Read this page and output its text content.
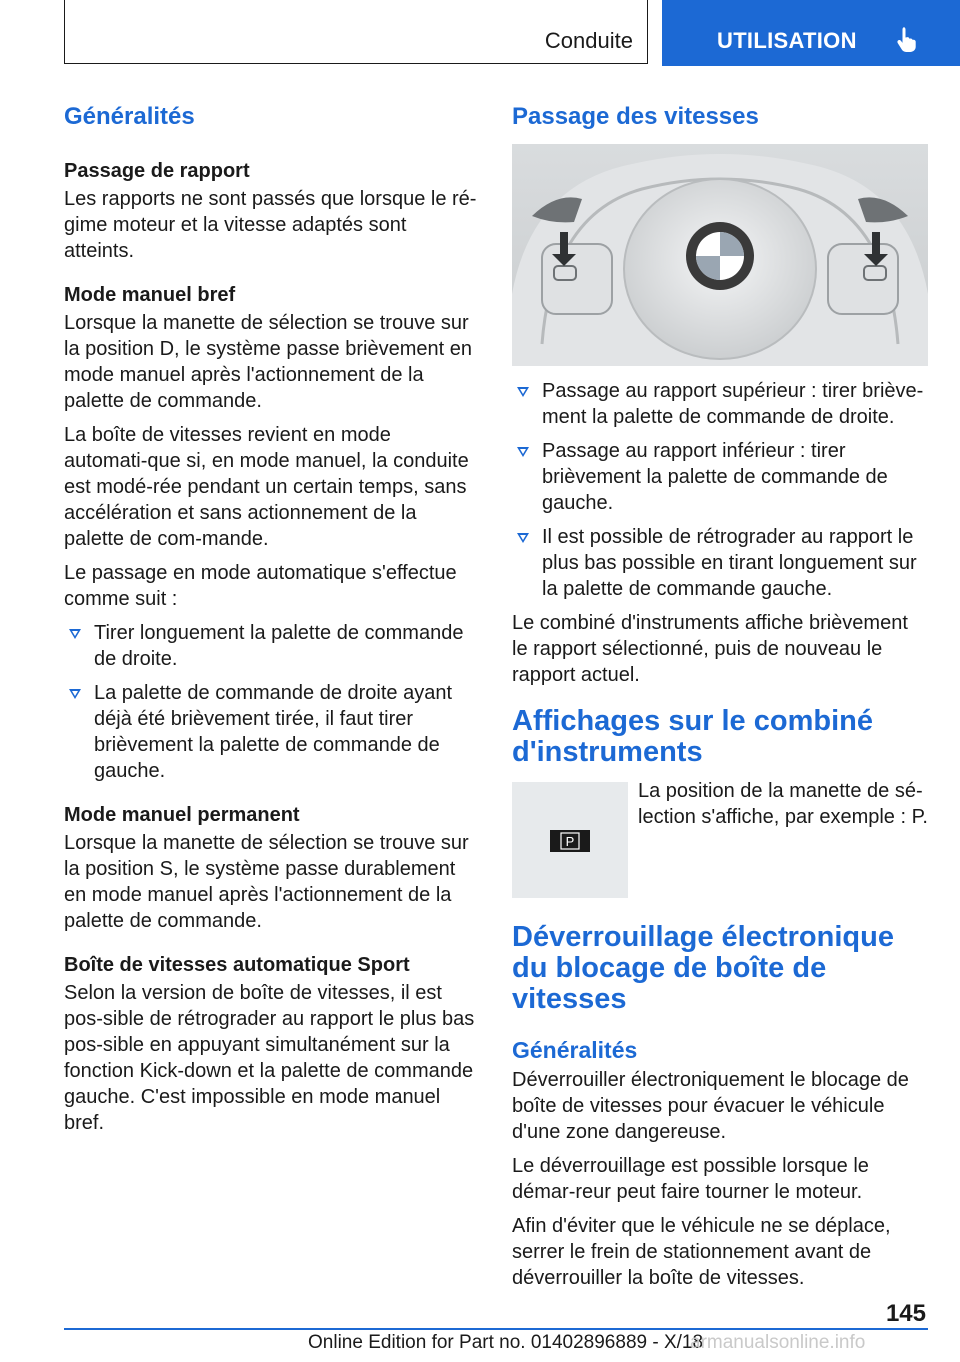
Conduite	UTILISATION
Généralités
Passage de rapport

Les rapports ne sont passés que lorsque le ré-gime moteur et la vitesse adaptés sont atteints.

Mode manuel bref

Lorsque la manette de sélection se trouve sur la position D, le système passe brièvement en mode manuel après l'actionnement de la palette de commande.

La boîte de vitesses revient en mode automati-que si, en mode manuel, la conduite est modé-rée pendant un certain temps, sans accélération et sans actionnement de la palette de com-mande.

Le passage en mode automatique s'effectue comme suit :

Tirer longuement la palette de commande de droite.
La palette de commande de droite ayant déjà été brièvement tirée, il faut tirer brièvement la palette de commande de gauche.
Mode manuel permanent

Lorsque la manette de sélection se trouve sur la position S, le système passe durablement en mode manuel après l'actionnement de la palette de commande.

Boîte de vitesses automatique Sport

Selon la version de boîte de vitesses, il est pos-sible de rétrograder au rapport le plus bas pos-sible en appuyant simultanément sur la fonction Kick-down et la palette de commande gauche. C'est impossible en mode manuel bref.

Passage des vitesses
Passage au rapport supérieur : tirer briève-ment la palette de commande de droite.
Passage au rapport inférieur : tirer brièvement la palette de commande de gauche.
Il est possible de rétrograder au rapport le plus bas possible en tirant longuement sur la palette de commande gauche.

Le combiné d'instruments affiche brièvement le rapport sélectionné, puis de nouveau le rapport actuel.

Affichages sur le combiné d'instruments
P

La position de la manette de sé-lection s'affiche, par exemple : P.

Déverrouillage électronique du blocage de boîte de vitesses
Généralités

Déverrouiller électroniquement le blocage de boîte de vitesses pour évacuer le véhicule d'une zone dangereuse.

Le déverrouillage est possible lorsque le démar-reur peut faire tourner le moteur.

Afin d'éviter que le véhicule ne se déplace, serrer le frein de stationnement avant de déverrouiller la boîte de vitesses.

145
Online Edition for Part no. 01402896889 - X/18
armanualsonline.info
